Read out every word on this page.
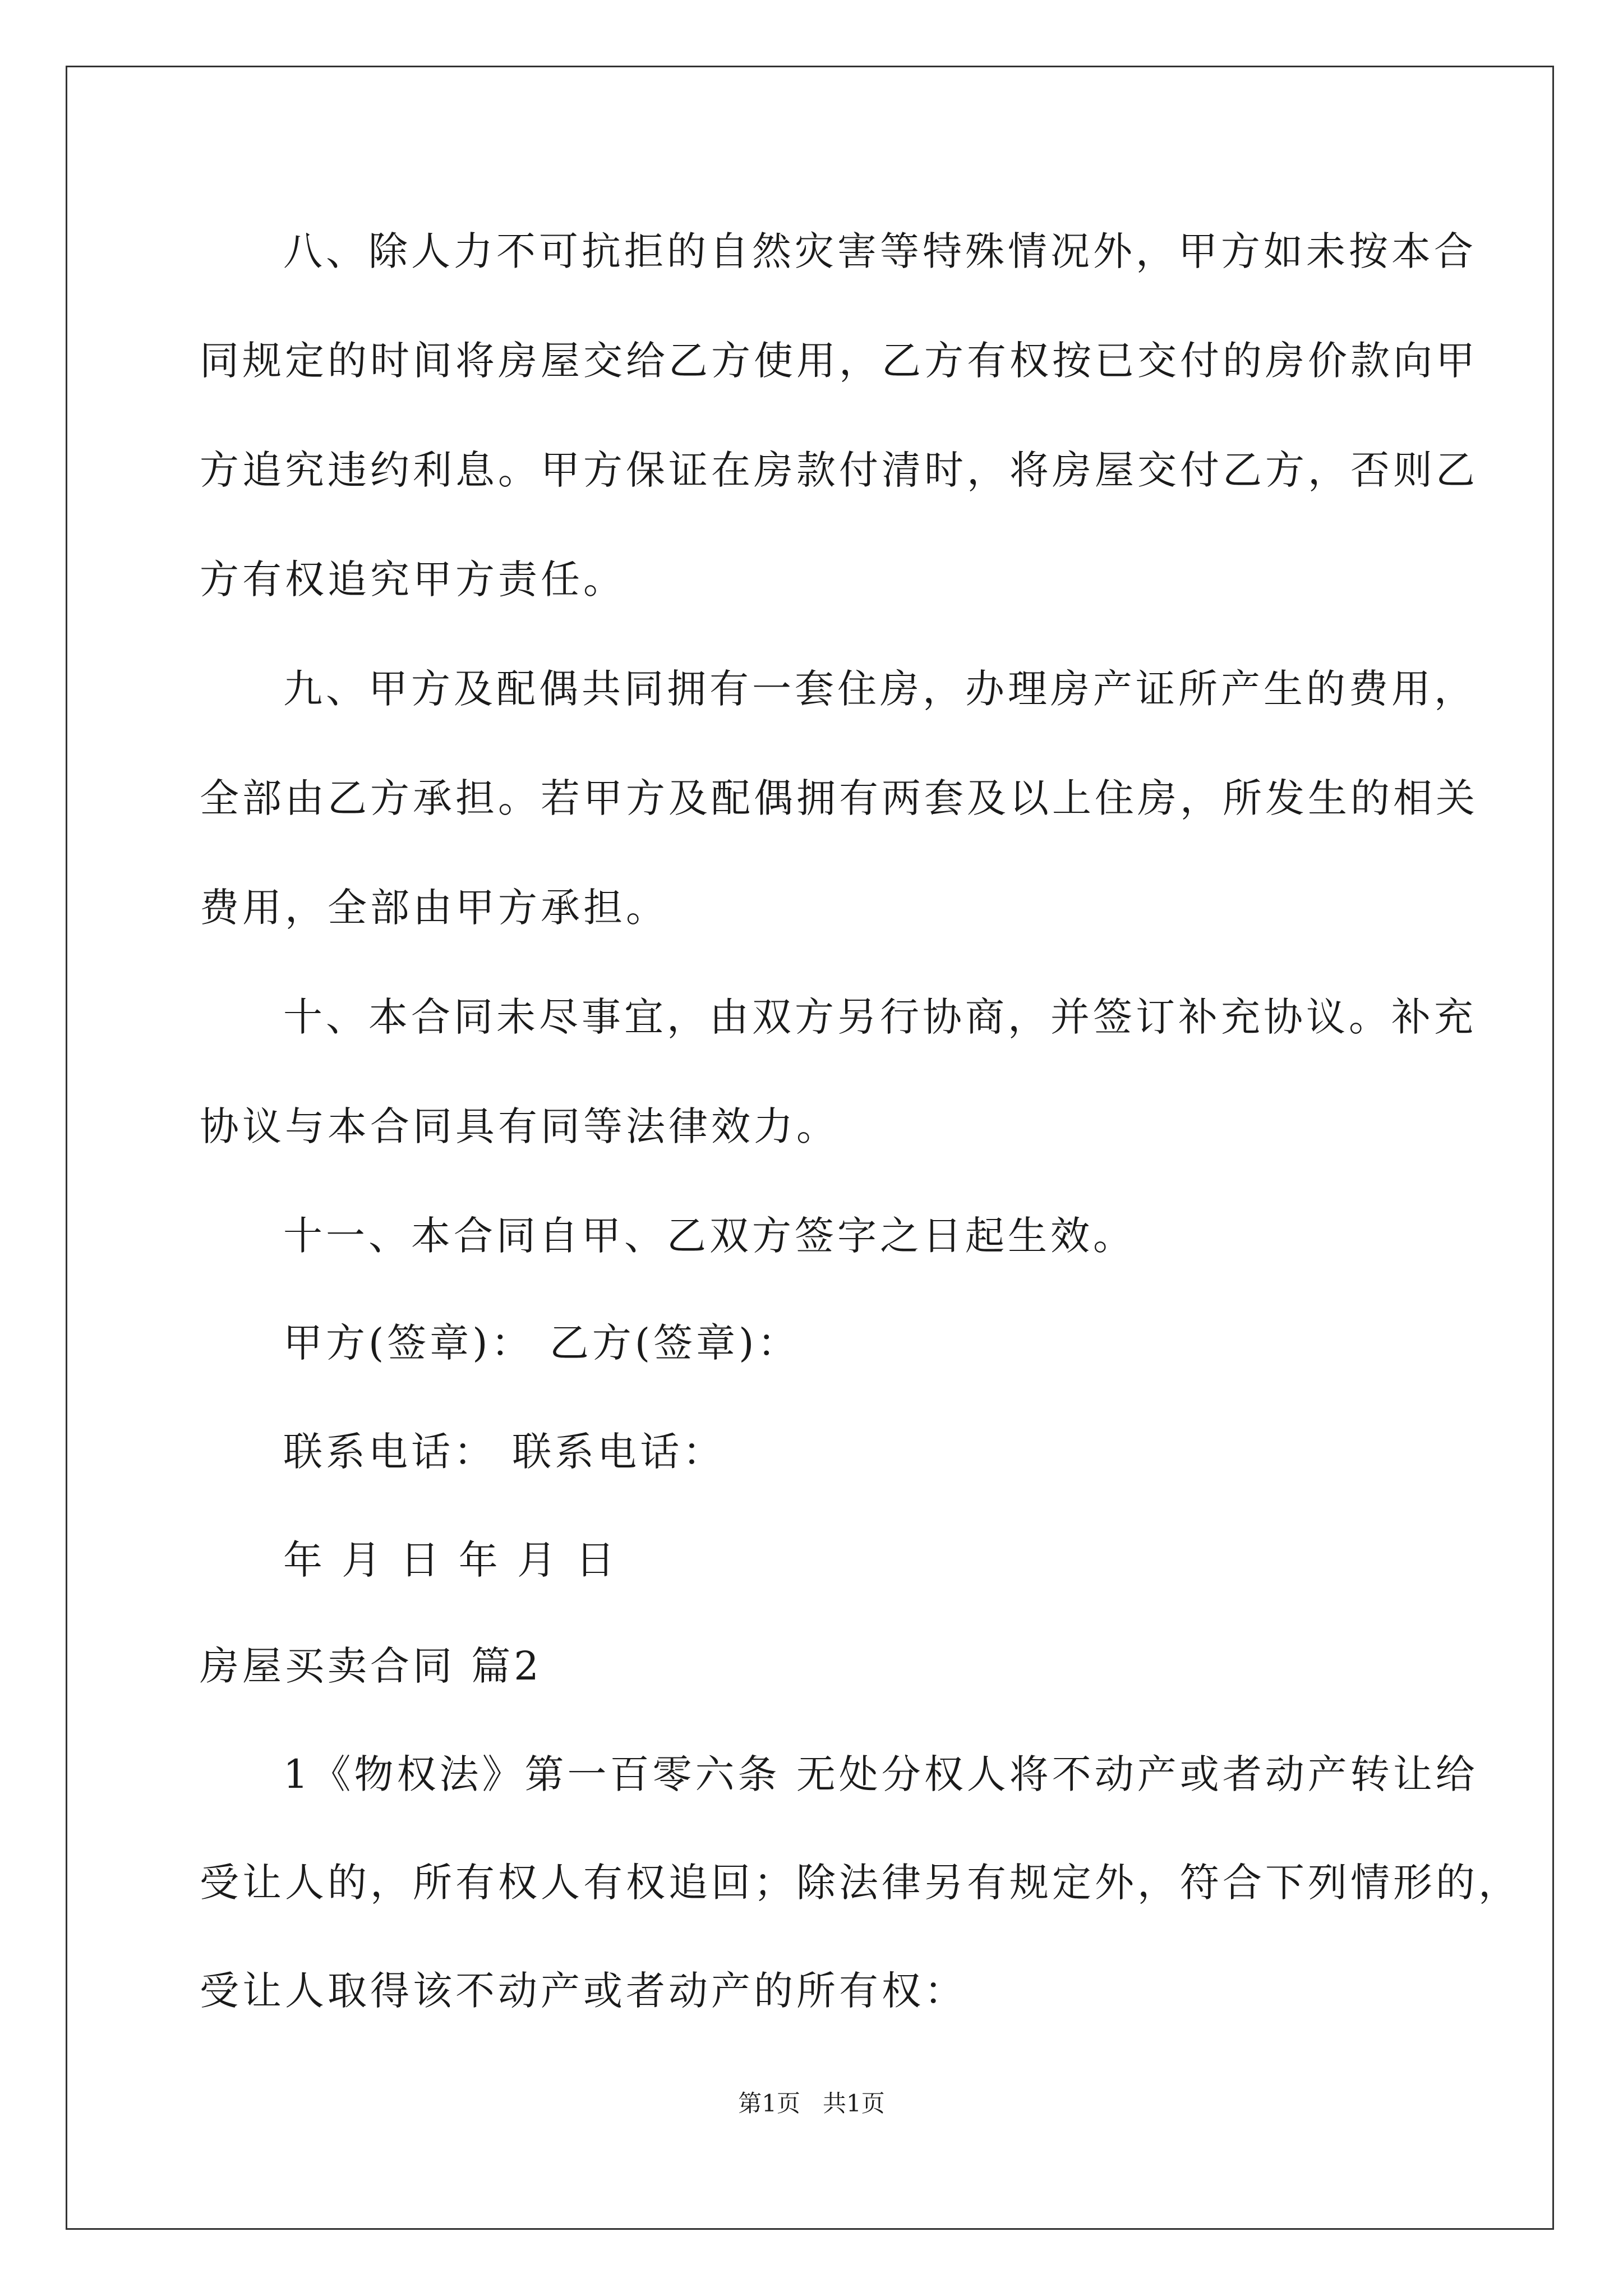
八、除人力不可抗拒的自然灾害等特殊情况外，甲方如未按本合
同规定的时间将房屋交给乙方使用，乙方有权按已交付的房价款向甲
方追究违约利息。甲方保证在房款付清时，将房屋交付乙方，否则乙
方有权追究甲方责任。
九、甲方及配偶共同拥有一套住房，办理房产证所产生的费用，
全部由乙方承担。若甲方及配偶拥有两套及以上住房，所发生的相关
费用，全部由甲方承担。
十、本合同未尽事宜，由双方另行协商，并签订补充协议。补充
协议与本合同具有同等法律效力。
十一、本合同自甲、乙双方签字之日起生效。
甲方(签章)： 乙方(签章)：
联系电话： 联系电话：
年 月 日 年 月 日
房屋买卖合同 篇2
1《物权法》第一百零六条 无处分权人将不动产或者动产转让给
受让人的，所有权人有权追回；除法律另有规定外，符合下列情形的，
受让人取得该不动产或者动产的所有权：
第1页   共1页
